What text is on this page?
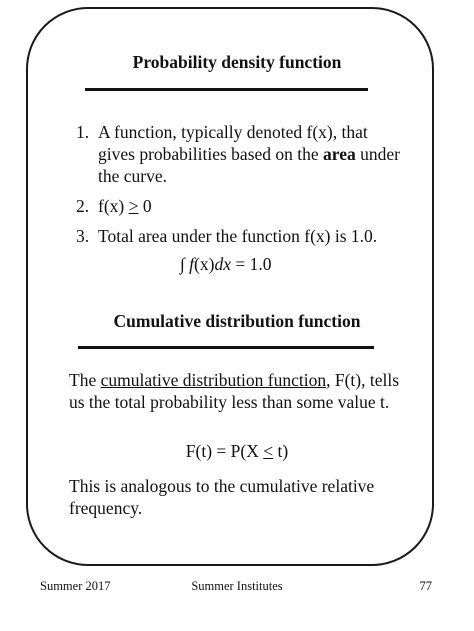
Probability density function
1. A function, typically denoted f(x), that gives probabilities based on the area under the curve.
2. f(x) > 0
3. Total area under the function f(x) is 1.0.
∫ f(x)dx = 1.0
Cumulative distribution function

The cumulative distribution function, F(t), tells us the total probability less than some value t.

F(t) = P(X < t)

This is analogous to the cumulative relative frequency.

Summer 2017	Summer Institutes	77
